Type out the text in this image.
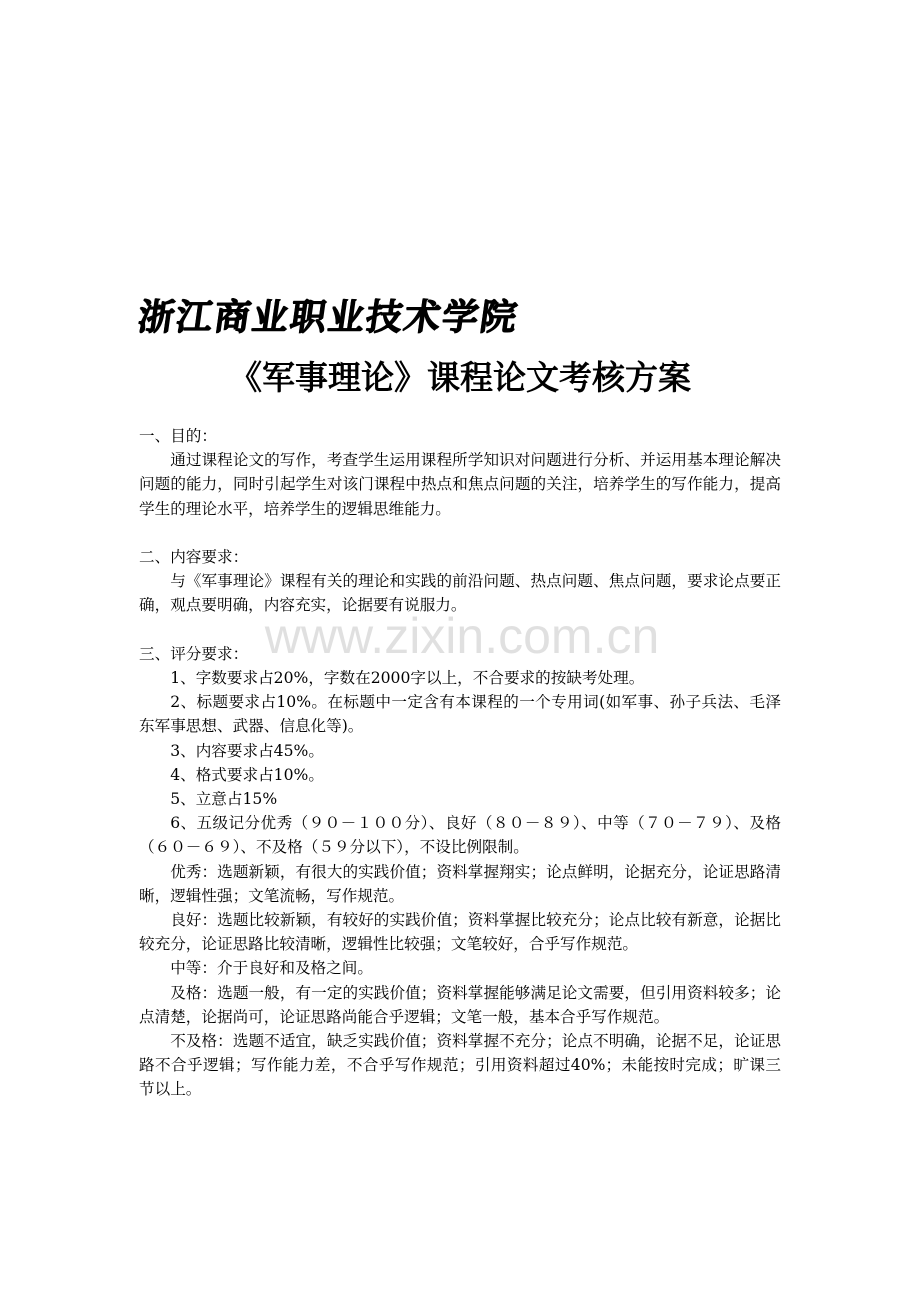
浙江商业职业技术学院
《军事理论》课程论文考核方案
www.zixin.com.cn

一、目的：

通过课程论文的写作，考查学生运用课程所学知识对问题进行分析、并运用基本理论解决问题的能力，同时引起学生对该门课程中热点和焦点问题的关注，培养学生的写作能力，提高学生的理论水平，培养学生的逻辑思维能力。

二、内容要求：

与《军事理论》课程有关的理论和实践的前沿问题、热点问题、焦点问题，要求论点要正确，观点要明确，内容充实，论据要有说服力。

三、评分要求：

1、字数要求占20%，字数在2000字以上，不合要求的按缺考处理。

2、标题要求占10%。在标题中一定含有本课程的一个专用词(如军事、孙子兵法、毛泽东军事思想、武器、信息化等)。

3、内容要求占45%。

4、格式要求占10%。

5、立意占15%

6、五级记分优秀（９０－１００分）、良好（８０－８９）、中等（７０－７９）、及格（６０－６９）、不及格（５９分以下），不设比例限制。

优秀：选题新颖，有很大的实践价值；资料掌握翔实；论点鲜明，论据充分，论证思路清晰，逻辑性强；文笔流畅，写作规范。

良好：选题比较新颖，有较好的实践价值；资料掌握比较充分；论点比较有新意，论据比较充分，论证思路比较清晰，逻辑性比较强；文笔较好，合乎写作规范。

中等：介于良好和及格之间。

及格：选题一般，有一定的实践价值；资料掌握能够满足论文需要，但引用资料较多；论点清楚，论据尚可，论证思路尚能合乎逻辑；文笔一般，基本合乎写作规范。

不及格：选题不适宜，缺乏实践价值；资料掌握不充分；论点不明确，论据不足，论证思路不合乎逻辑；写作能力差，不合乎写作规范；引用资料超过40%；未能按时完成；旷课三节以上。
